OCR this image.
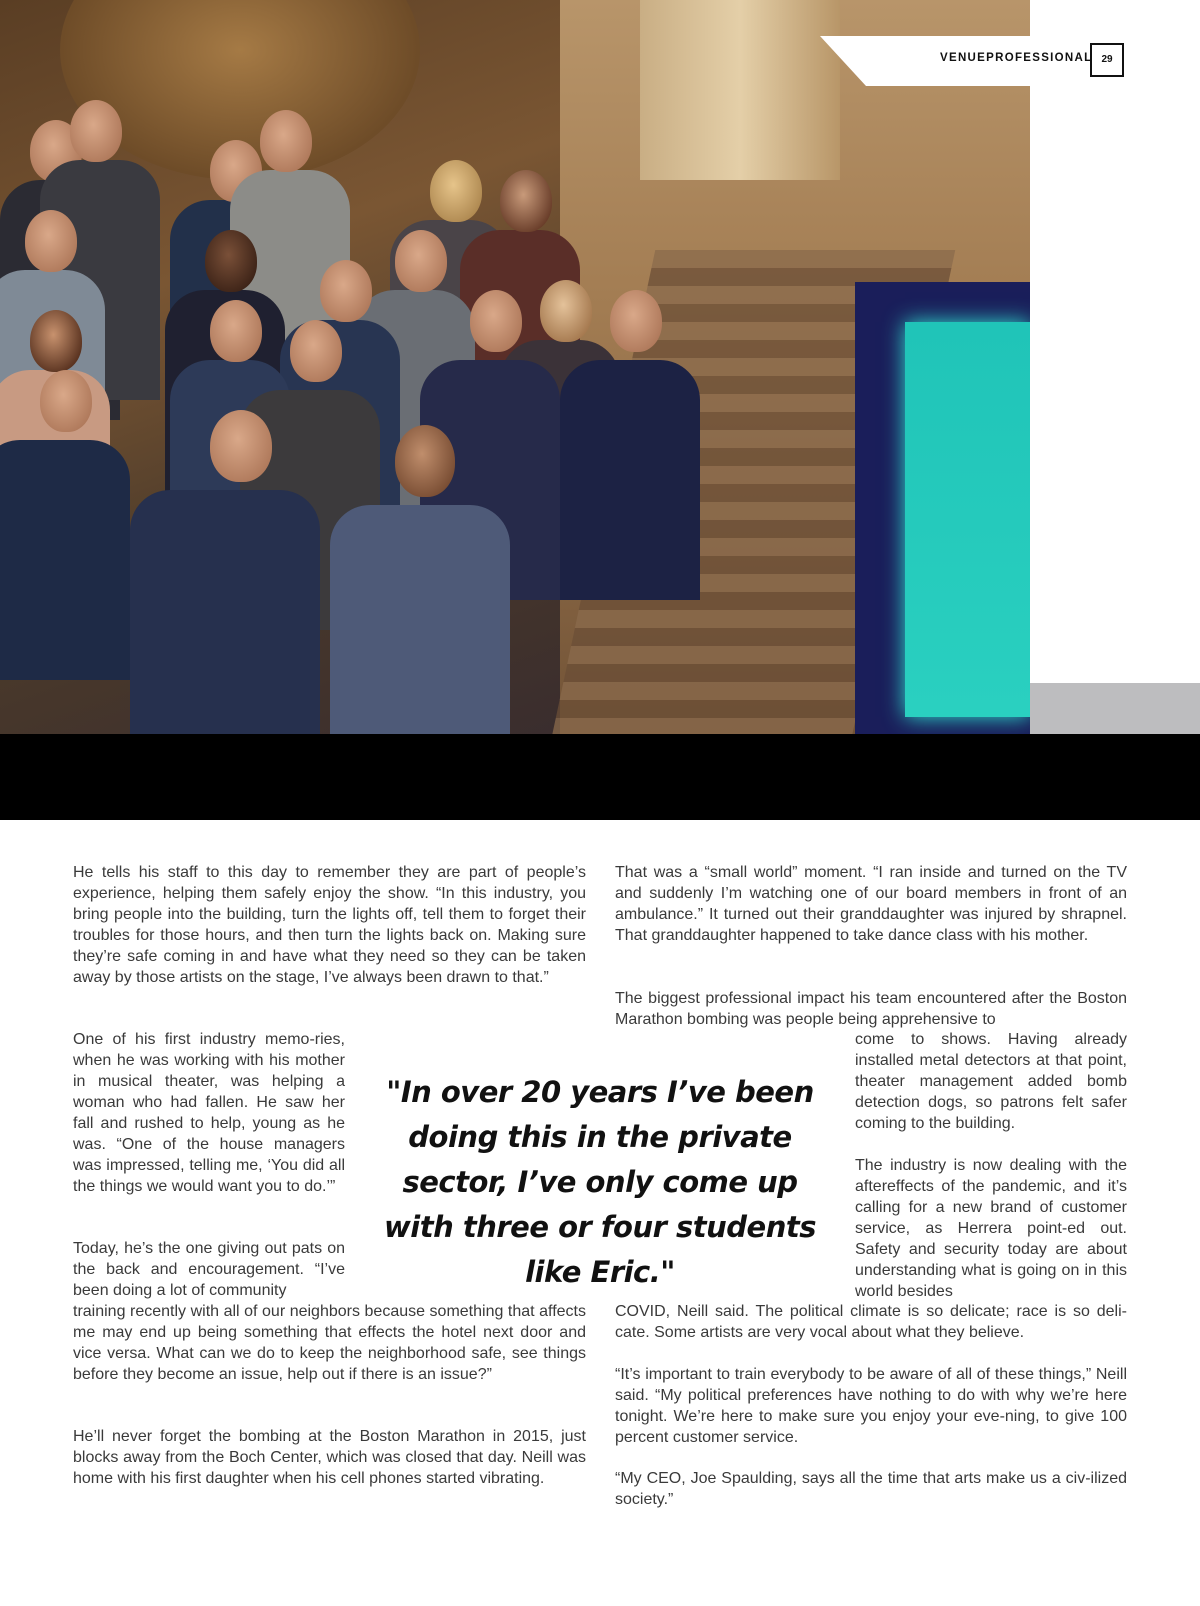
VENUEPROFESSIONAL 29

He tells his staff to this day to remember they are part of people’s experience, helping them safely enjoy the show. “In this industry, you bring people into the building, turn the lights off, tell them to forget their troubles for those hours, and then turn the lights back on. Making sure they’re safe coming in and have what they need so they can be taken away by those artists on the stage, I’ve always been drawn to that.”

One of his first industry memo-ries, when he was working with his mother in musical theater, was helping a woman who had fallen. He saw her fall and rushed to help, young as he was. “One of the house managers was impressed, telling me, ‘You did all the things we would want you to do.’”

Today, he’s the one giving out pats on the back and encouragement. “I’ve been doing a lot of community

training recently with all of our neighbors because something that affects me may end up being something that effects the hotel next door and vice versa. What can we do to keep the neighborhood safe, see things before they become an issue, help out if there is an issue?”

He’ll never forget the bombing at the Boston Marathon in 2015, just blocks away from the Boch Center, which was closed that day. Neill was home with his first daughter when his cell phones started vibrating.

"In over 20 years I’ve been doing this in the private sector, I’ve only come up with three or four students like Eric."

That was a “small world” moment. “I ran inside and turned on the TV and suddenly I’m watching one of our board members in front of an ambulance.” It turned out their granddaughter was injured by shrapnel. That granddaughter happened to take dance class with his mother.

The biggest professional impact his team encountered after the Boston Marathon bombing was people being apprehensive to

come to shows. Having already installed metal detectors at that point, theater management added bomb detection dogs, so patrons felt safer coming to the building.

The industry is now dealing with the aftereffects of the pandemic, and it’s calling for a new brand of customer service, as Herrera point-ed out. Safety and security today are about understanding what is going on in this world besides

COVID, Neill said. The political climate is so delicate; race is so deli-cate. Some artists are very vocal about what they believe.

“It’s important to train everybody to be aware of all of these things,” Neill said. “My political preferences have nothing to do with why we’re here tonight. We’re here to make sure you enjoy your eve-ning, to give 100 percent customer service.

“My CEO, Joe Spaulding, says all the time that arts make us a civ-ilized society.”
